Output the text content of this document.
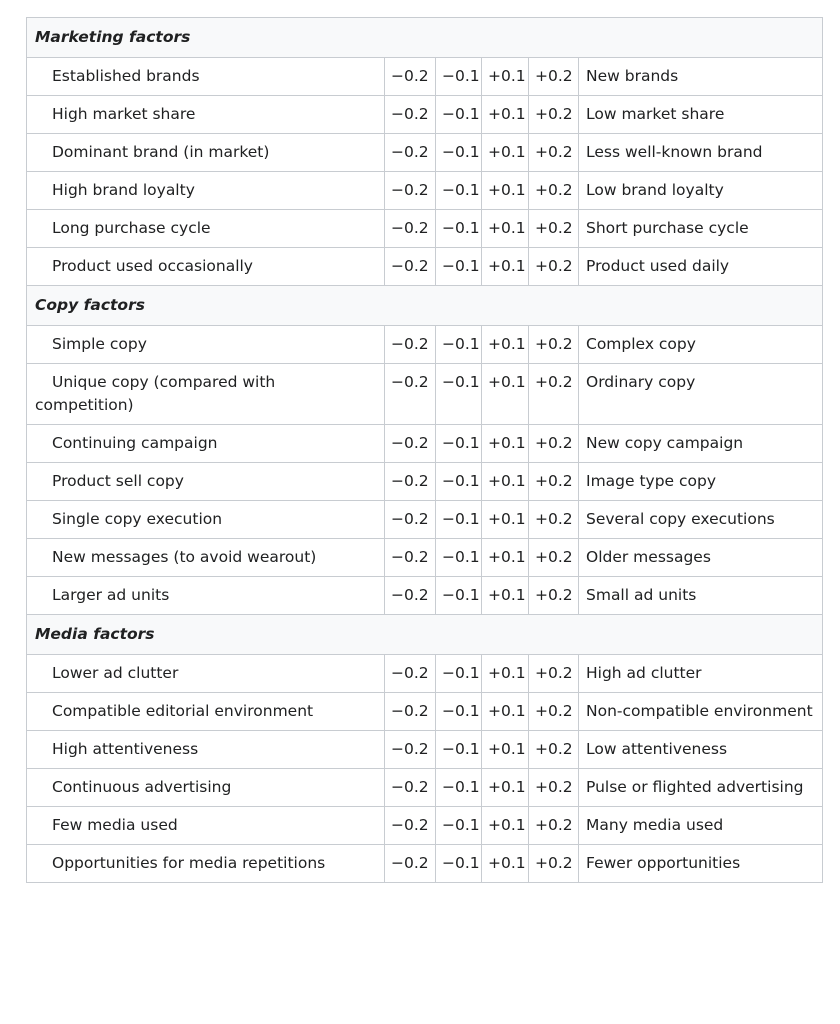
Marketing factors					
Established brands	−0.2	−0.1	+0.1	+0.2	New brands
High market share	−0.2	−0.1	+0.1	+0.2	Low market share
Dominant brand (in market)	−0.2	−0.1	+0.1	+0.2	Less well-known brand
High brand loyalty	−0.2	−0.1	+0.1	+0.2	Low brand loyalty
Long purchase cycle	−0.2	−0.1	+0.1	+0.2	Short purchase cycle
Product used occasionally	−0.2	−0.1	+0.1	+0.2	Product used daily
Copy factors					
Simple copy	−0.2	−0.1	+0.1	+0.2	Complex copy
Unique copy (compared with competition)	−0.2	−0.1	+0.1	+0.2	Ordinary copy
Continuing campaign	−0.2	−0.1	+0.1	+0.2	New copy campaign
Product sell copy	−0.2	−0.1	+0.1	+0.2	Image type copy
Single copy execution	−0.2	−0.1	+0.1	+0.2	Several copy executions
New messages (to avoid wearout)	−0.2	−0.1	+0.1	+0.2	Older messages
Larger ad units	−0.2	−0.1	+0.1	+0.2	Small ad units
Media factors					
Lower ad clutter	−0.2	−0.1	+0.1	+0.2	High ad clutter
Compatible editorial environment	−0.2	−0.1	+0.1	+0.2	Non-compatible environment
High attentiveness	−0.2	−0.1	+0.1	+0.2	Low attentiveness
Continuous advertising	−0.2	−0.1	+0.1	+0.2	Pulse or flighted advertising
Few media used	−0.2	−0.1	+0.1	+0.2	Many media used
Opportunities for media repetitions	−0.2	−0.1	+0.1	+0.2	Fewer opportunities
